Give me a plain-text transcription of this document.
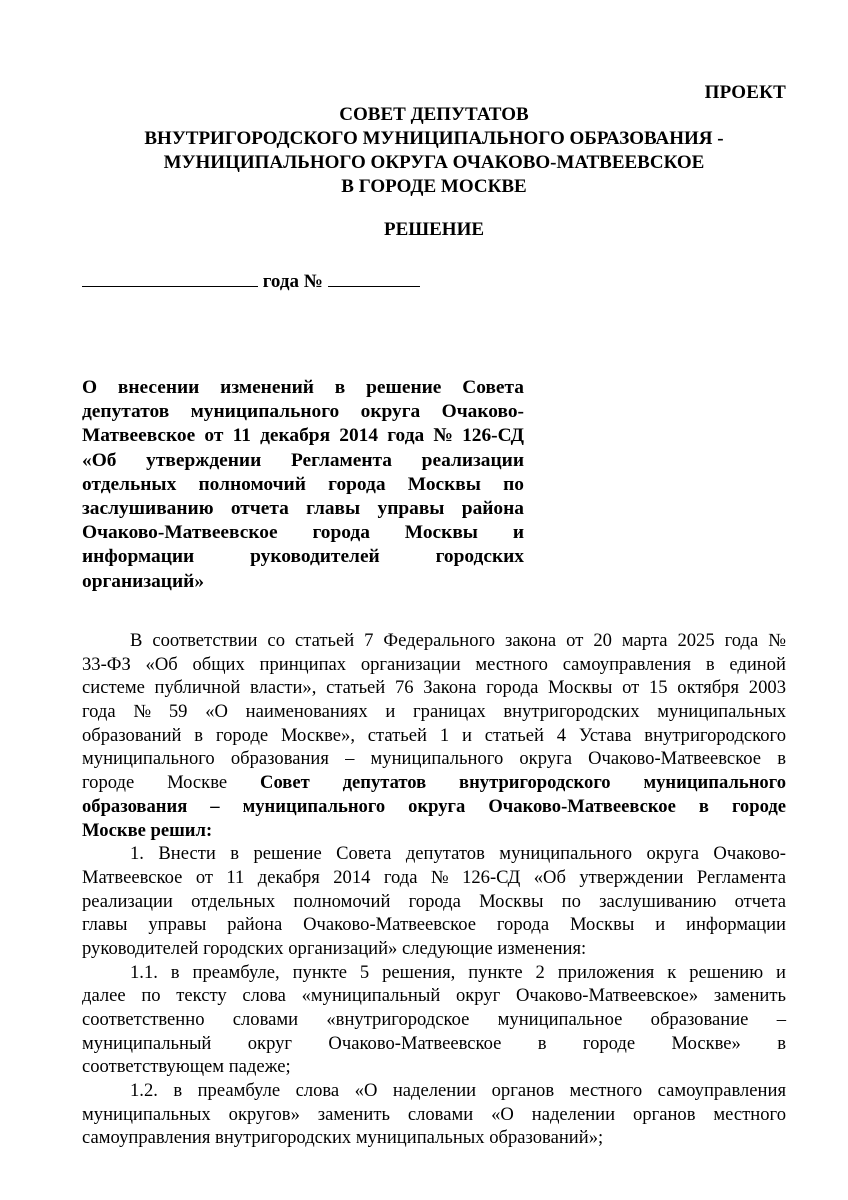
ПРОЕКТ
СОВЕТ ДЕПУТАТОВ
ВНУТРИГОРОДСКОГО МУНИЦИПАЛЬНОГО ОБРАЗОВАНИЯ -
МУНИЦИПАЛЬНОГО ОКРУГА ОЧАКОВО-МАТВЕЕВСКОЕ
В ГОРОДЕ МОСКВЕ
РЕШЕНИЕ
года №
О внесении изменений в решение Совета
депутатов муниципального округа Очаково-
Матвеевское от 11 декабря 2014 года № 126-СД
«Об утверждении Регламента реализации
отдельных полномочий города Москвы по
заслушиванию отчета главы управы района
Очаково-Матвеевское города Москвы и
информации руководителей городских
организаций»
В соответствии со статьей 7 Федерального закона от 20 марта 2025 года №
33-ФЗ «Об общих принципах организации местного самоуправления в единой
системе публичной власти», статьей 76 Закона города Москвы от 15 октября 2003
года № 59 «О наименованиях и границах внутригородских муниципальных
образований в городе Москве», статьей 1 и статьей 4 Устава внутригородского
муниципального образования – муниципального округа Очаково-Матвеевское в
городе Москве Совет депутатов внутригородского муниципального
образования – муниципального округа Очаково-Матвеевское в городе
Москве решил:
1. Внести в решение Совета депутатов муниципального округа Очаково-
Матвеевское от 11 декабря 2014 года № 126-СД «Об утверждении Регламента
реализации отдельных полномочий города Москвы по заслушиванию отчета
главы управы района Очаково-Матвеевское города Москвы и информации
руководителей городских организаций» следующие изменения:
1.1. в преамбуле, пункте 5 решения, пункте 2 приложения к решению и
далее по тексту слова «муниципальный округ Очаково-Матвеевское» заменить
соответственно словами «внутригородское муниципальное образование –
муниципальный округ Очаково-Матвеевское в городе Москве» в
соответствующем падеже;
1.2. в преамбуле слова «О наделении органов местного самоуправления
муниципальных округов» заменить словами «О наделении органов местного
самоуправления внутригородских муниципальных образований»;
